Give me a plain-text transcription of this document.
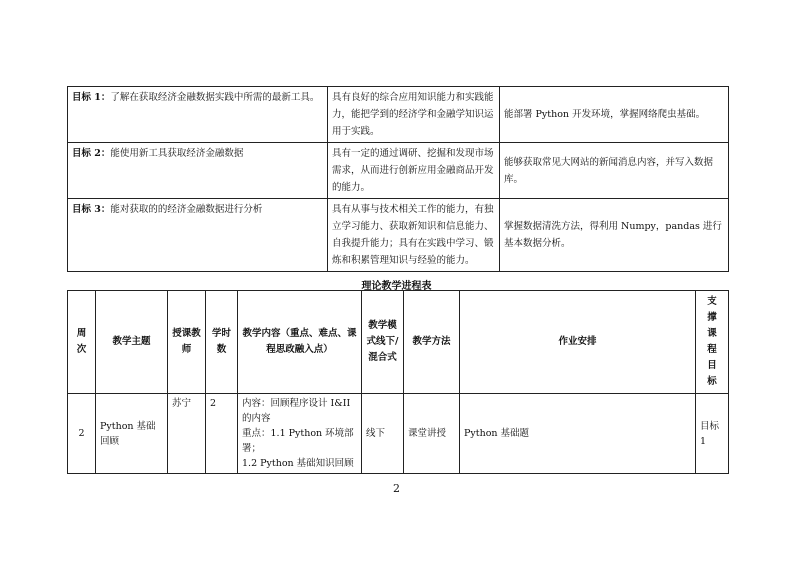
目标 1：了解在获取经济金融数据实践中所需的最新工具。	具有良好的综合应用知识能力和实践能力，能把学到的经济学和金融学知识运用于实践。	能部署 Python 开发环境，掌握网络爬虫基础。
目标 2：能使用新工具获取经济金融数据	具有一定的通过调研、挖掘和发现市场需求，从而进行创新应用金融商品开发的能力。	能够获取常见大网站的新闻消息内容，并写入数据库。
目标 3：能对获取的的经济金融数据进行分析	具有从事与技术相关工作的能力，有独立学习能力、获取新知识和信息能力、自我提升能力；具有在实践中学习、锻炼和积累管理知识与经验的能力。	掌握数据清洗方法，得利用 Numpy，pandas 进行基本数据分析。
理论教学进程表
周次	教学主题	授课教师	学时数	教学内容（重点、难点、课程思政融入点）	教学模式线下/混合式	教学方法	作业安排	支撑课程目标
2	Python 基础回顾	苏宁	2	内容：回顾程序设计 I&II 的内容
重点：1.1 Python 环境部署；
1.2 Python 基础知识回顾	线下	课堂讲授	Python 基础题	目标 1
2
